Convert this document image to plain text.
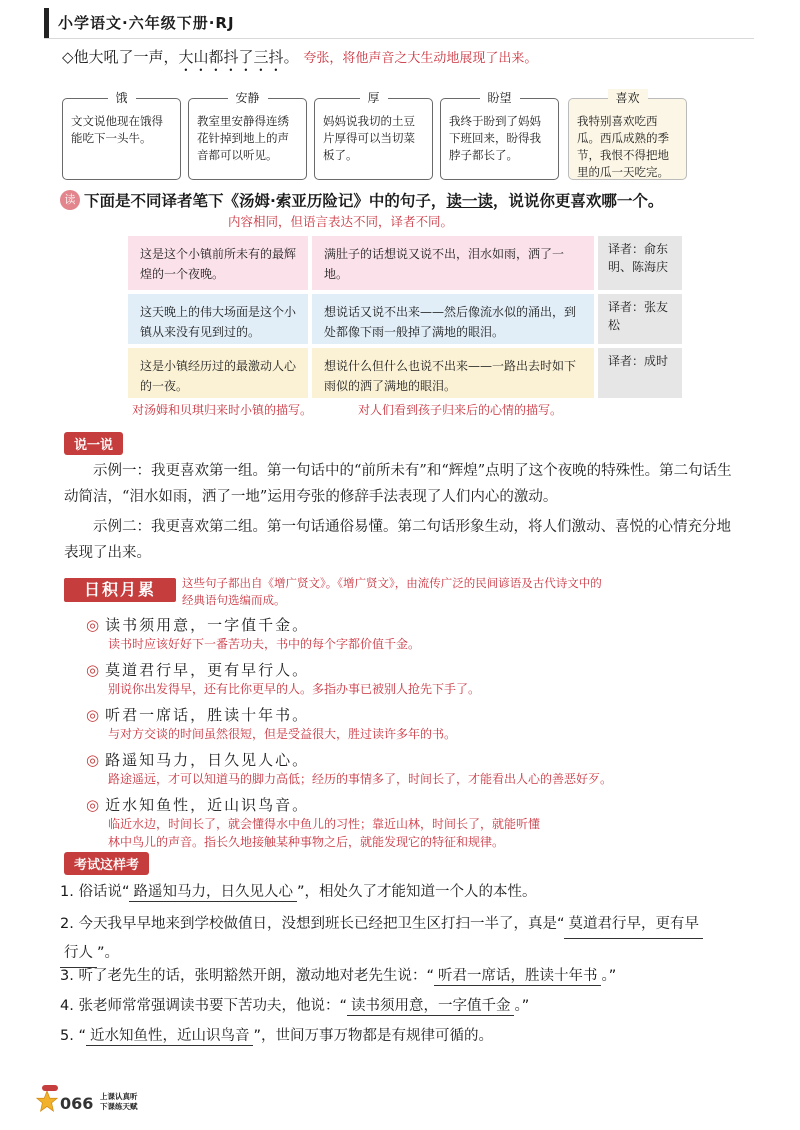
小学语文·六年级下册·RJ
◇他大吼了一声，大山都抖了三抖。 夸张，将他声音之大生动地展现了出来。
饿
文文说他现在饿得能吃下一头牛。
安静
教室里安静得连绣花针掉到地上的声音都可以听见。
厚
妈妈说我切的土豆片厚得可以当切菜板了。
盼望
我终于盼到了妈妈下班回来，盼得我脖子都长了。
喜欢
我特别喜欢吃西瓜。西瓜成熟的季节，我恨不得把地里的瓜一天吃完。
读 下面是不同译者笔下《汤姆·索亚历险记》中的句子，读一读，说说你更喜欢哪一个。
内容相同，但语言表达不同，译者不同。
这是这个小镇前所未有的最辉煌的一个夜晚。
满肚子的话想说又说不出，泪水如雨，洒了一地。
译者：俞东明、陈海庆
这天晚上的伟大场面是这个小镇从来没有见到过的。
想说话又说不出来——然后像流水似的涌出，到处都像下雨一般掉了满地的眼泪。
译者：张友松
这是小镇经历过的最激动人心的一夜。
想说什么但什么也说不出来——一路出去时如下雨似的洒了满地的眼泪。
译者：成时
对汤姆和贝琪归来时小镇的描写。	对人们看到孩子归来后的心情的描写。
说一说
示例一：我更喜欢第一组。第一句话中的“前所未有”和“辉煌”点明了这个夜晚的特殊性。第二句话生动简洁，“泪水如雨，洒了一地”运用夸张的修辞手法表现了人们内心的激动。
示例二：我更喜欢第二组。第一句话通俗易懂。第二句话形象生动，将人们激动、喜悦的心情充分地表现了出来。
日积月累	这些句子都出自《增广贤文》。《增广贤文》，由流传广泛的民间谚语及古代诗文中的经典语句选编而成。
◎ 读书须用意，一字值千金。
读书时应该好好下一番苦功夫，书中的每个字都价值千金。
◎ 莫道君行早，更有早行人。
别说你出发得早，还有比你更早的人。多指办事已被别人抢先下手了。
◎ 听君一席话，胜读十年书。
与对方交谈的时间虽然很短，但是受益很大，胜过读许多年的书。
◎ 路遥知马力，日久见人心。
路途遥远，才可以知道马的脚力高低；经历的事情多了，时间长了，才能看出人心的善恶好歹。
◎ 近水知鱼性，近山识鸟音。
临近水边，时间长了，就会懂得水中鱼儿的习性；靠近山林，时间长了，就能听懂林中鸟儿的声音。指长久地接触某种事物之后，就能发现它的特征和规律。
考试这样考
1. 俗话说“ 路遥知马力，日久见人心 ”，相处久了才能知道一个人的本性。
2. 今天我早早地来到学校做值日，没想到班长已经把卫生区打扫一半了，真是“ 莫道君行早，更有早
行人 ”。
3. 听了老先生的话，张明豁然开朗，激动地对老先生说：“ 听君一席话，胜读十年书 。”
4. 张老师常常强调读书要下苦功夫，他说：“ 读书须用意，一字值千金 。”
5. “ 近水知鱼性，近山识鸟音 ”，世间万事万物都是有规律可循的。
066 上课认真听
下课练天赋
